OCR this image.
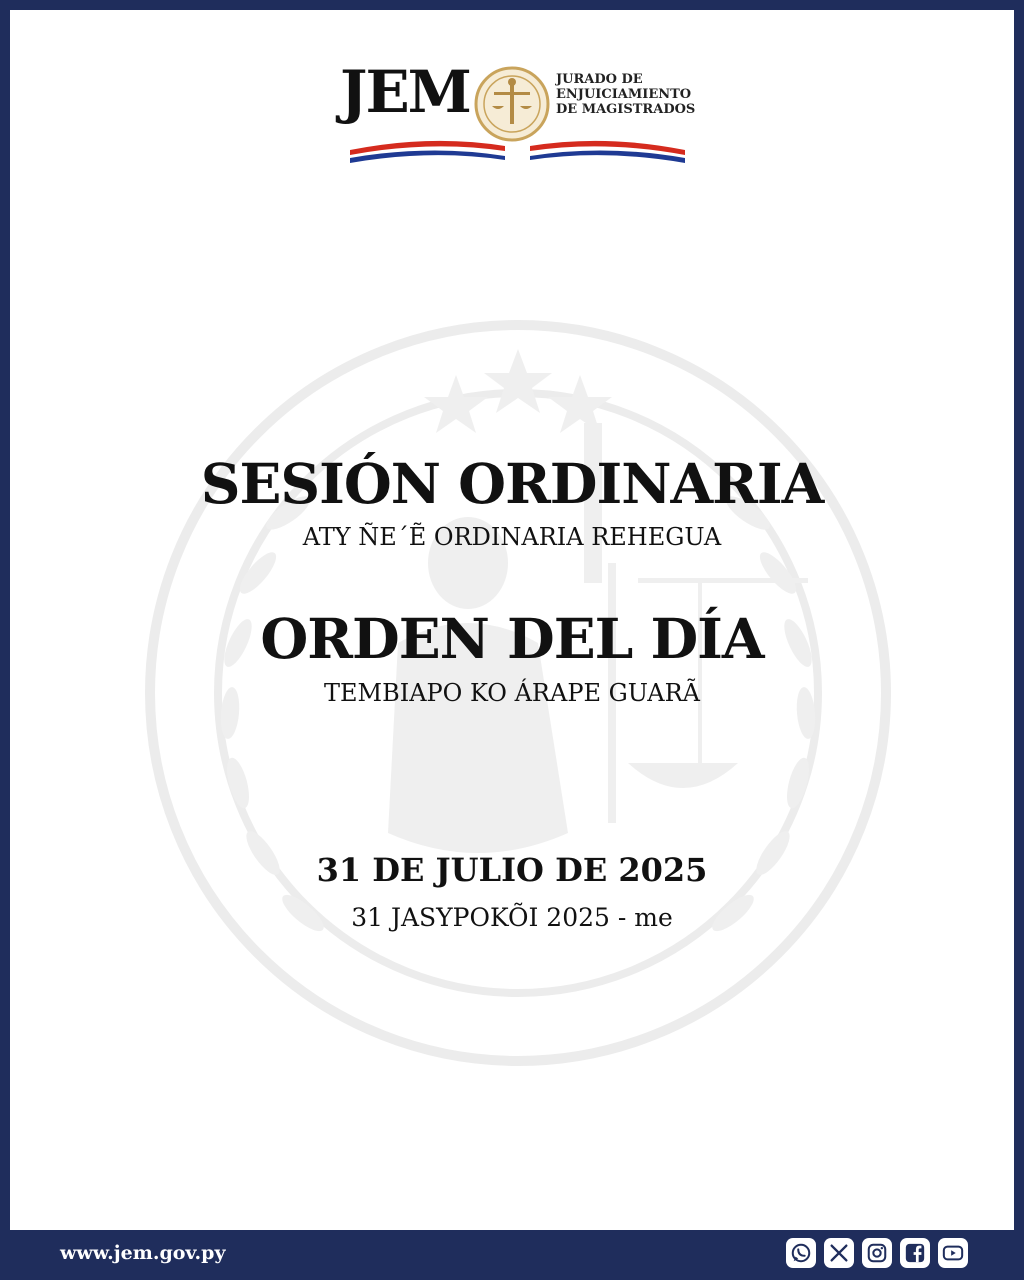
JEM	JURADO DE
ENJUICIAMIENTO
DE MAGISTRADOS
SESIÓN ORDINARIA
ATY ÑE´Ẽ ORDINARIA REHEGUA
ORDEN DEL DÍA
TEMBIAPO KO ÁRAPE GUARÃ
31 DE JULIO DE 2025
31 JASYPOKÕI 2025 - me
www.jem.gov.py
